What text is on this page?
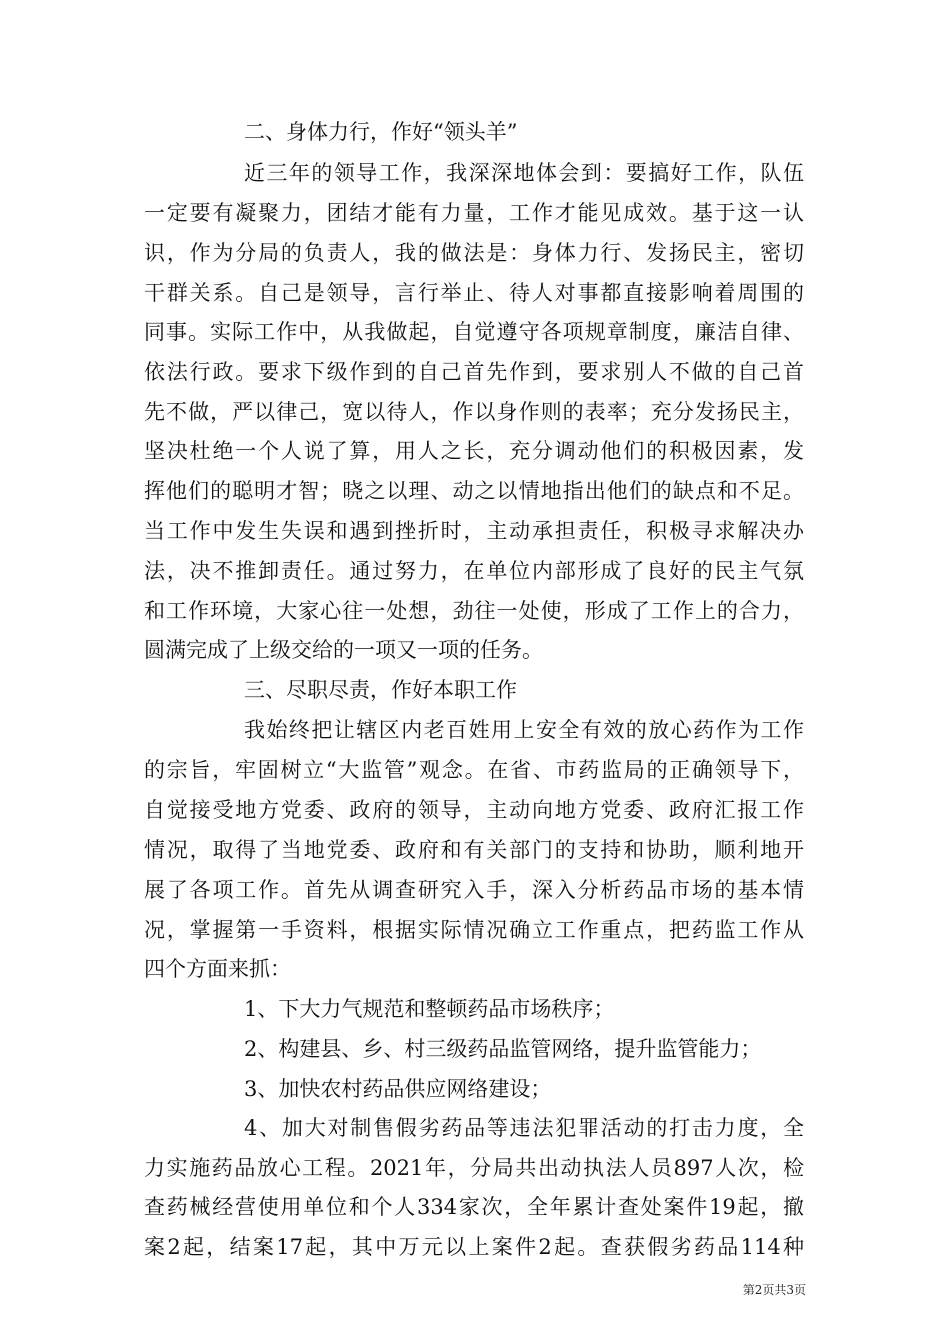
二、身体力行，作好“领头羊”
近三年的领导工作，我深深地体会到：要搞好工作，队伍
一定要有凝聚力，团结才能有力量，工作才能见成效。基于这一认
识，作为分局的负责人，我的做法是：身体力行、发扬民主，密切
干群关系。自己是领导，言行举止、待人对事都直接影响着周围的
同事。实际工作中，从我做起，自觉遵守各项规章制度，廉洁自律、
依法行政。要求下级作到的自己首先作到，要求别人不做的自己首
先不做，严以律己，宽以待人，作以身作则的表率；充分发扬民主，
坚决杜绝一个人说了算，用人之长，充分调动他们的积极因素，发
挥他们的聪明才智；晓之以理、动之以情地指出他们的缺点和不足。
当工作中发生失误和遇到挫折时，主动承担责任，积极寻求解决办
法，决不推卸责任。通过努力，在单位内部形成了良好的民主气氛
和工作环境，大家心往一处想，劲往一处使，形成了工作上的合力，
圆满完成了上级交给的一项又一项的任务。
三、尽职尽责，作好本职工作
我始终把让辖区内老百姓用上安全有效的放心药作为工作
的宗旨，牢固树立“大监管”观念。在省、市药监局的正确领导下，
自觉接受地方党委、政府的领导，主动向地方党委、政府汇报工作
情况，取得了当地党委、政府和有关部门的支持和协助，顺利地开
展了各项工作。首先从调查研究入手，深入分析药品市场的基本情
况，掌握第一手资料，根据实际情况确立工作重点，把药监工作从
四个方面来抓：
1、下大力气规范和整顿药品市场秩序；
2、构建县、乡、村三级药品监管网络，提升监管能力；
3、加快农村药品供应网络建设；
4、加大对制售假劣药品等违法犯罪活动的打击力度，全
力实施药品放心工程。2021年，分局共出动执法人员897人次，检
查药械经营使用单位和个人334家次，全年累计查处案件19起，撤
案2起，结案17起，其中万元以上案件2起。查获假劣药品114种
第2页共3页
